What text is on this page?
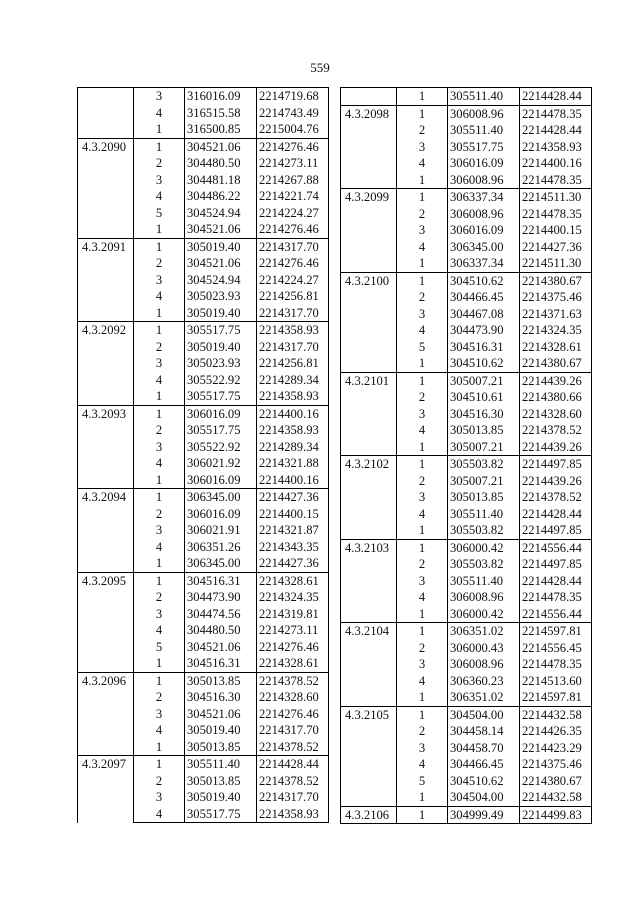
559
	3	316016.09	2214719.68
	4	316515.58	2214743.49
	1	316500.85	2215004.76
4.3.2090	1	304521.06	2214276.46
	2	304480.50	2214273.11
	3	304481.18	2214267.88
	4	304486.22	2214221.74
	5	304524.94	2214224.27
	1	304521.06	2214276.46
4.3.2091	1	305019.40	2214317.70
	2	304521.06	2214276.46
	3	304524.94	2214224.27
	4	305023.93	2214256.81
	1	305019.40	2214317.70
4.3.2092	1	305517.75	2214358.93
	2	305019.40	2214317.70
	3	305023.93	2214256.81
	4	305522.92	2214289.34
	1	305517.75	2214358.93
4.3.2093	1	306016.09	2214400.16
	2	305517.75	2214358.93
	3	305522.92	2214289.34
	4	306021.92	2214321.88
	1	306016.09	2214400.16
4.3.2094	1	306345.00	2214427.36
	2	306016.09	2214400.15
	3	306021.91	2214321.87
	4	306351.26	2214343.35
	1	306345.00	2214427.36
4.3.2095	1	304516.31	2214328.61
	2	304473.90	2214324.35
	3	304474.56	2214319.81
	4	304480.50	2214273.11
	5	304521.06	2214276.46
	1	304516.31	2214328.61
4.3.2096	1	305013.85	2214378.52
	2	304516.30	2214328.60
	3	304521.06	2214276.46
	4	305019.40	2214317.70
	1	305013.85	2214378.52
4.3.2097	1	305511.40	2214428.44
	2	305013.85	2214378.52
	3	305019.40	2214317.70
	4	305517.75	2214358.93
	1	305511.40	2214428.44
4.3.2098	1	306008.96	2214478.35
	2	305511.40	2214428.44
	3	305517.75	2214358.93
	4	306016.09	2214400.16
	1	306008.96	2214478.35
4.3.2099	1	306337.34	2214511.30
	2	306008.96	2214478.35
	3	306016.09	2214400.15
	4	306345.00	2214427.36
	1	306337.34	2214511.30
4.3.2100	1	304510.62	2214380.67
	2	304466.45	2214375.46
	3	304467.08	2214371.63
	4	304473.90	2214324.35
	5	304516.31	2214328.61
	1	304510.62	2214380.67
4.3.2101	1	305007.21	2214439.26
	2	304510.61	2214380.66
	3	304516.30	2214328.60
	4	305013.85	2214378.52
	1	305007.21	2214439.26
4.3.2102	1	305503.82	2214497.85
	2	305007.21	2214439.26
	3	305013.85	2214378.52
	4	305511.40	2214428.44
	1	305503.82	2214497.85
4.3.2103	1	306000.42	2214556.44
	2	305503.82	2214497.85
	3	305511.40	2214428.44
	4	306008.96	2214478.35
	1	306000.42	2214556.44
4.3.2104	1	306351.02	2214597.81
	2	306000.43	2214556.45
	3	306008.96	2214478.35
	4	306360.23	2214513.60
	1	306351.02	2214597.81
4.3.2105	1	304504.00	2214432.58
	2	304458.14	2214426.35
	3	304458.70	2214423.29
	4	304466.45	2214375.46
	5	304510.62	2214380.67
	1	304504.00	2214432.58
4.3.2106	1	304999.49	2214499.83
